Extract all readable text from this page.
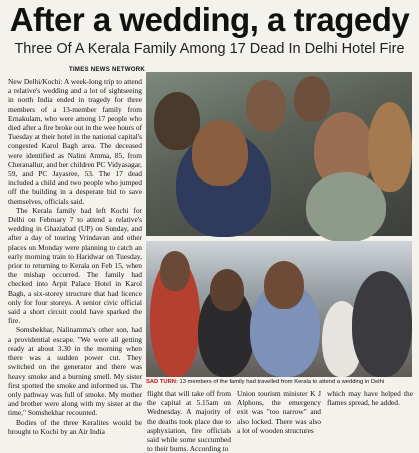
After a wedding, a tragedy
Three Of A Kerala Family Among 17 Dead In Delhi Hotel Fire
TIMES NEWS NETWORK

New Delhi/Kochi: A week-long trip to attend a relative's wedding and a lot of sightseeing in north India ended in tragedy for three members of a 13-member family from Ernakulam, who were among 17 people who died after a fire broke out in the wee hours of Tuesday at their hotel in the national capital's congested Karol Bagh area. The deceased were identified as Nalini Amma, 85, from Cheranallur, and her children PC Vidyasagar, 59, and PC Jayasree, 53. The 17 dead included a child and two people who jumped off the building in a desperate bid to save themselves, officials said.

The Kerala family had left Kochi for Delhi on February 7 to attend a relative's wedding in Ghaziabad (UP) on Sunday, and after a day of touring Vrindavan and other places on Monday were planning to catch an early morning train to Haridwar on Tuesday, prior to returning to Kerala on Feb 15, when the mishap occurred. The family had checked into Arpit Palace Hotel in Karol Bagh, a six-storey structure that had licence only for four storeys. A senior civic official said a short circuit could have sparked the fire.

Somshekhar, Nalinamma's other son, had a providential escape. "We were all getting ready at about 3.30 in the morning when there was a sudden power cut. They switched on the generator and there was heavy smoke and a burning smell. My sister first spotted the smoke and informed us. The only pathway was full of smoke. My mother and brother were along with my sister at the time," Somshekhar recounted.

Bodies of the three Keralites would be brought to Kochi by an Air India

SAD TURN: 13 members of the family had travelled from Kerala to attend a wedding in Delhi
flight that will take off from the capital at 5.15am on Wednesday. A majority of the deaths took place due to asphyxiation, fire officials said while some succumbed to their burns. According to
Union tourism minister K J Alphons, the emergency exit was "too narrow" and also locked. There was also a lot of wooden structures
which may have helped the flames spread, he added.
